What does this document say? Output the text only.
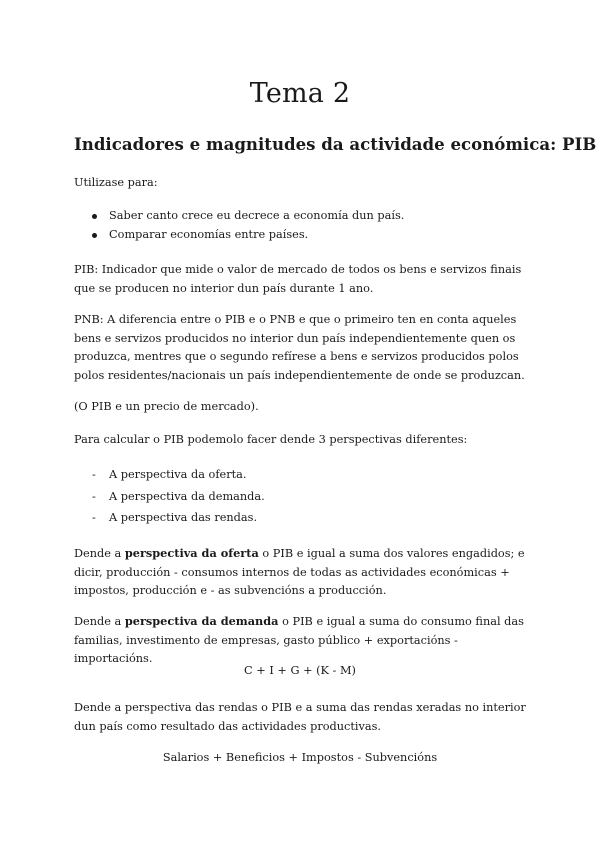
Tema 2
Indicadores e magnitudes da actividade económica: PIB

Utilizase para:

Saber canto crece eu decrece a economía dun país.
Comparar economías entre países.

PIB: Indicador que mide o valor de mercado de todos os bens e servizos finais que se producen no interior dun país durante 1 ano.

PNB: A diferencia entre o PIB e o PNB e que o primeiro ten en conta aqueles bens e servizos producidos no interior dun país independientemente quen os produzca, mentres que o segundo refírese a bens e servizos producidos polos polos residentes/nacionais un país independientemente de onde se produzcan.

(O PIB e un precio de mercado).

Para calcular o PIB podemolo facer dende 3 perspectivas diferentes:

- A perspectiva da oferta.
- A perspectiva da demanda.
- A perspectiva das rendas.

Dende a perspectiva da oferta o PIB e igual a suma dos valores engadidos; e dicir, producción - consumos internos de todas as actividades económicas + impostos, producción e - as subvencións a producción.

Dende a perspectiva da demanda o PIB e igual a suma do consumo final das familias, investimento de empresas, gasto público + exportacións - importacións.

C + I + G + (K - M)

Dende a perspectiva das rendas o PIB e a suma das rendas xeradas no interior dun país como resultado das actividades productivas.

Salarios + Beneficios + Impostos - Subvencións
